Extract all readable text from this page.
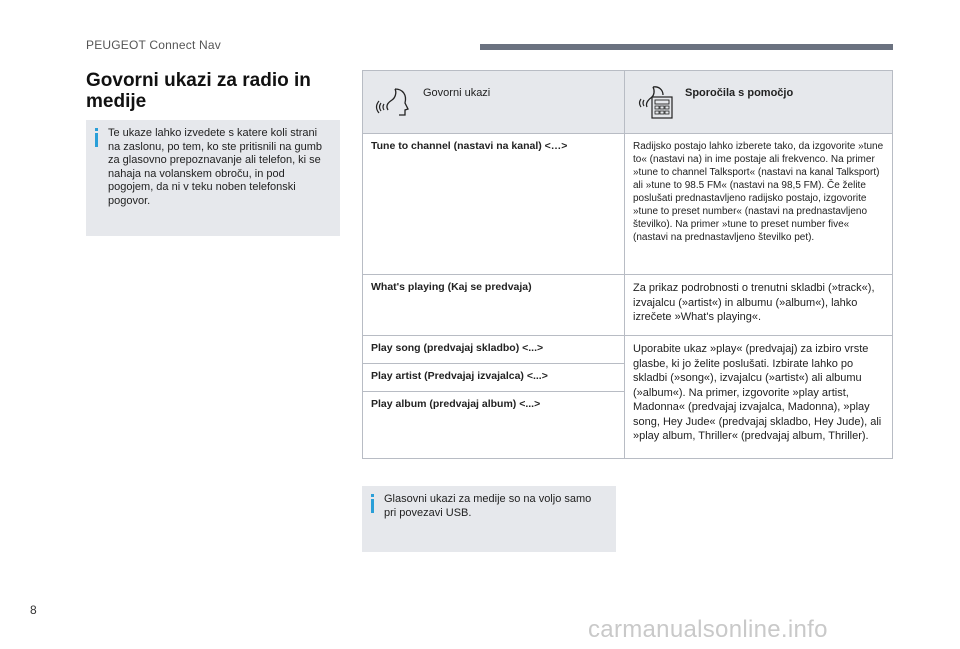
PEUGEOT Connect Nav
Govorni ukazi za radio in medije
Te ukaze lahko izvedete s katere koli strani na zaslonu, po tem, ko ste pritisnili na gumb za glasovno prepoznavanje ali telefon, ki se nahaja na volanskem obroču, in pod pogojem, da ni v teku noben telefonski pogovor.
Govorni ukazi	Sporočila s pomočjo

Tune to channel (nastavi na kanal) <…>	Radijsko postajo lahko izberete tako, da izgovorite »tune to« (nastavi na) in ime postaje ali frekvenco. Na primer »tune to channel Talksport« (nastavi na kanal Talksport) ali »tune to 98.5 FM« (nastavi na 98,5 FM). Če želite poslušati prednastavljeno radijsko postajo, izgovorite »tune to preset number« (nastavi na prednastavljeno številko). Na primer »tune to preset number five« (nastavi na prednastavljeno številko pet).
What's playing (Kaj se predvaja)	Za prikaz podrobnosti o trenutni skladbi (»track«), izvajalcu (»artist«) in albumu (»album«), lahko izrečete »What's playing«.
Play song (predvajaj skladbo) <...>	Uporabite ukaz »play« (predvajaj) za izbiro vrste glasbe, ki jo želite poslušati. Izbirate lahko po skladbi (»song«), izvajalcu (»artist«) ali albumu (»album«). Na primer, izgovorite »play artist, Madonna« (predvajaj izvajalca, Madonna), »play song, Hey Jude« (predvajaj skladbo, Hey Jude), ali »play album, Thriller« (predvajaj album, Thriller).
Play artist (Predvajaj izvajalca) <...>	
Play album (predvajaj album) <...>	
Glasovni ukazi za medije so na voljo samo pri povezavi USB.
8
carmanualsonline.info
